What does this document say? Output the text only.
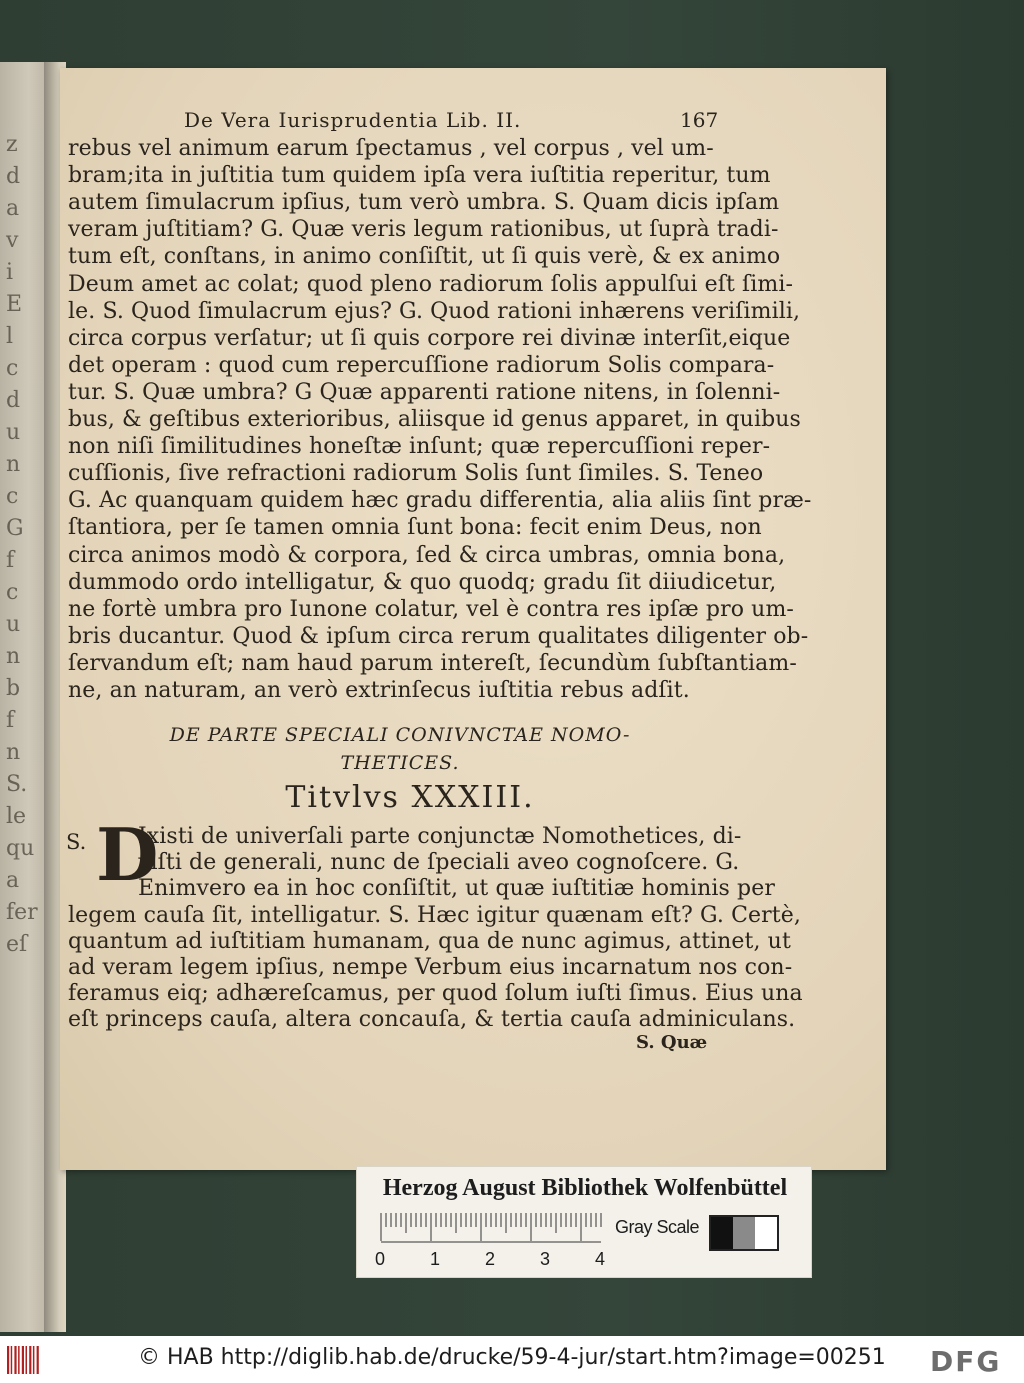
z
d
a
v
i
E
l
c
d
u
n
c
G
f
c
u
n
b
f
n
S.
le
qu
a
fer
eſ
De Vera Iurisprudentia Lib. II.	167
rebus vel animum earum ſpectamus , vel corpus , vel um-
bram;ita in juſtitia tum quidem ipſa vera iuſtitia reperitur, tum
autem ſimulacrum ipſius, tum verò umbra. S. Quam dicis ipſam
veram juſtitiam? G. Quæ veris legum rationibus, ut ſuprà tradi-
tum eſt, conſtans, in animo conſiſtit, ut ſi quis verè, & ex animo
Deum amet ac colat; quod pleno radiorum ſolis appulſui eſt ſimi-
le. S. Quod ſimulacrum ejus? G. Quod rationi inhærens veriſimili,
circa corpus verſatur; ut ſi quis corpore rei divinæ interſit,eique
det operam : quod cum repercuſſione radiorum Solis compara-
tur. S. Quæ umbra? G Quæ apparenti ratione nitens, in ſolenni-
bus, & geſtibus exterioribus, aliisque id genus apparet, in quibus
non niſi ſimilitudines honeſtæ inſunt; quæ repercuſſioni reper-
cuſſionis, ſive refractioni radiorum Solis ſunt ſimiles. S. Teneo
G. Ac quanquam quidem hæc gradu differentia, alia aliis ſint præ-
ſtantiora, per ſe tamen omnia ſunt bona: fecit enim Deus, non
circa animos modò & corpora, ſed & circa umbras, omnia bona,
dummodo ordo intelligatur, & quo quodq; gradu ſit diiudicetur,
ne fortè umbra pro Iunone colatur, vel è contra res ipſæ pro um-
bris ducantur. Quod & ipſum circa rerum qualitates diligenter ob-
ſervandum eſt; nam haud parum intereſt, ſecundùm ſubſtantiam-
ne, an naturam, an verò extrinſecus iuſtitia rebus adſit.
DE PARTE SPECIALI CONIVNCTAE NOMO-
THETICES.
Titvlvs XXXIII.
S. D
Ixisti de univerſali parte conjunctæ Nomothetices, di-
xiſti de generali, nunc de ſpeciali aveo cognoſcere. G.
Enimvero ea in hoc conſiſtit, ut quæ iuſtitiæ hominis per
legem cauſa ſit, intelligatur. S. Hæc igitur quænam eſt? G. Certè,
quantum ad iuſtitiam humanam, qua de nunc agimus, attinet, ut
ad veram legem ipſius, nempe Verbum eius incarnatum nos con-
feramus eiq; adhæreſcamus, per quod ſolum iuſti ſimus. Eius una
eſt princeps cauſa, altera concauſa, & tertia cauſa adminiculans.
S. Quæ
Herzog August Bibliothek Wolfenbüttel
Gray Scale
0 1 2 3 4
© HAB http://diglib.hab.de/drucke/59-4-jur/start.htm?image=00251 DFG
